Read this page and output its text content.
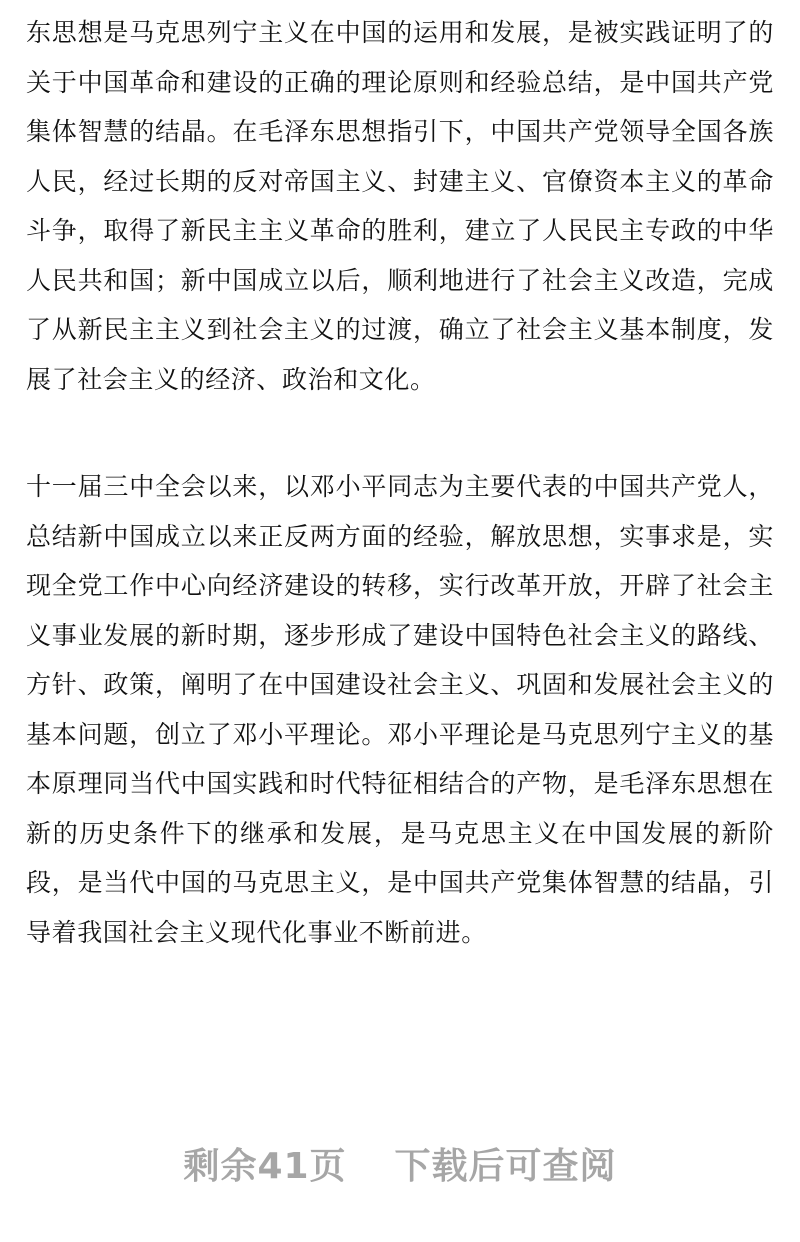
东思想是马克思列宁主义在中国的运用和发展，是被实践证明了的关于中国革命和建设的正确的理论原则和经验总结，是中国共产党集体智慧的结晶。在毛泽东思想指引下，中国共产党领导全国各族人民，经过长期的反对帝国主义、封建主义、官僚资本主义的革命斗争，取得了新民主主义革命的胜利，建立了人民民主专政的中华人民共和国；新中国成立以后，顺利地进行了社会主义改造，完成了从新民主主义到社会主义的过渡，确立了社会主义基本制度，发展了社会主义的经济、政治和文化。

十一届三中全会以来，以邓小平同志为主要代表的中国共产党人，总结新中国成立以来正反两方面的经验，解放思想，实事求是，实现全党工作中心向经济建设的转移，实行改革开放，开辟了社会主义事业发展的新时期，逐步形成了建设中国特色社会主义的路线、方针、政策，阐明了在中国建设社会主义、巩固和发展社会主义的基本问题，创立了邓小平理论。邓小平理论是马克思列宁主义的基本原理同当代中国实践和时代特征相结合的产物，是毛泽东思想在新的历史条件下的继承和发展，是马克思主义在中国发展的新阶段，是当代中国的马克思主义，是中国共产党集体智慧的结晶，引导着我国社会主义现代化事业不断前进。

剩余41页 下载后可查阅
